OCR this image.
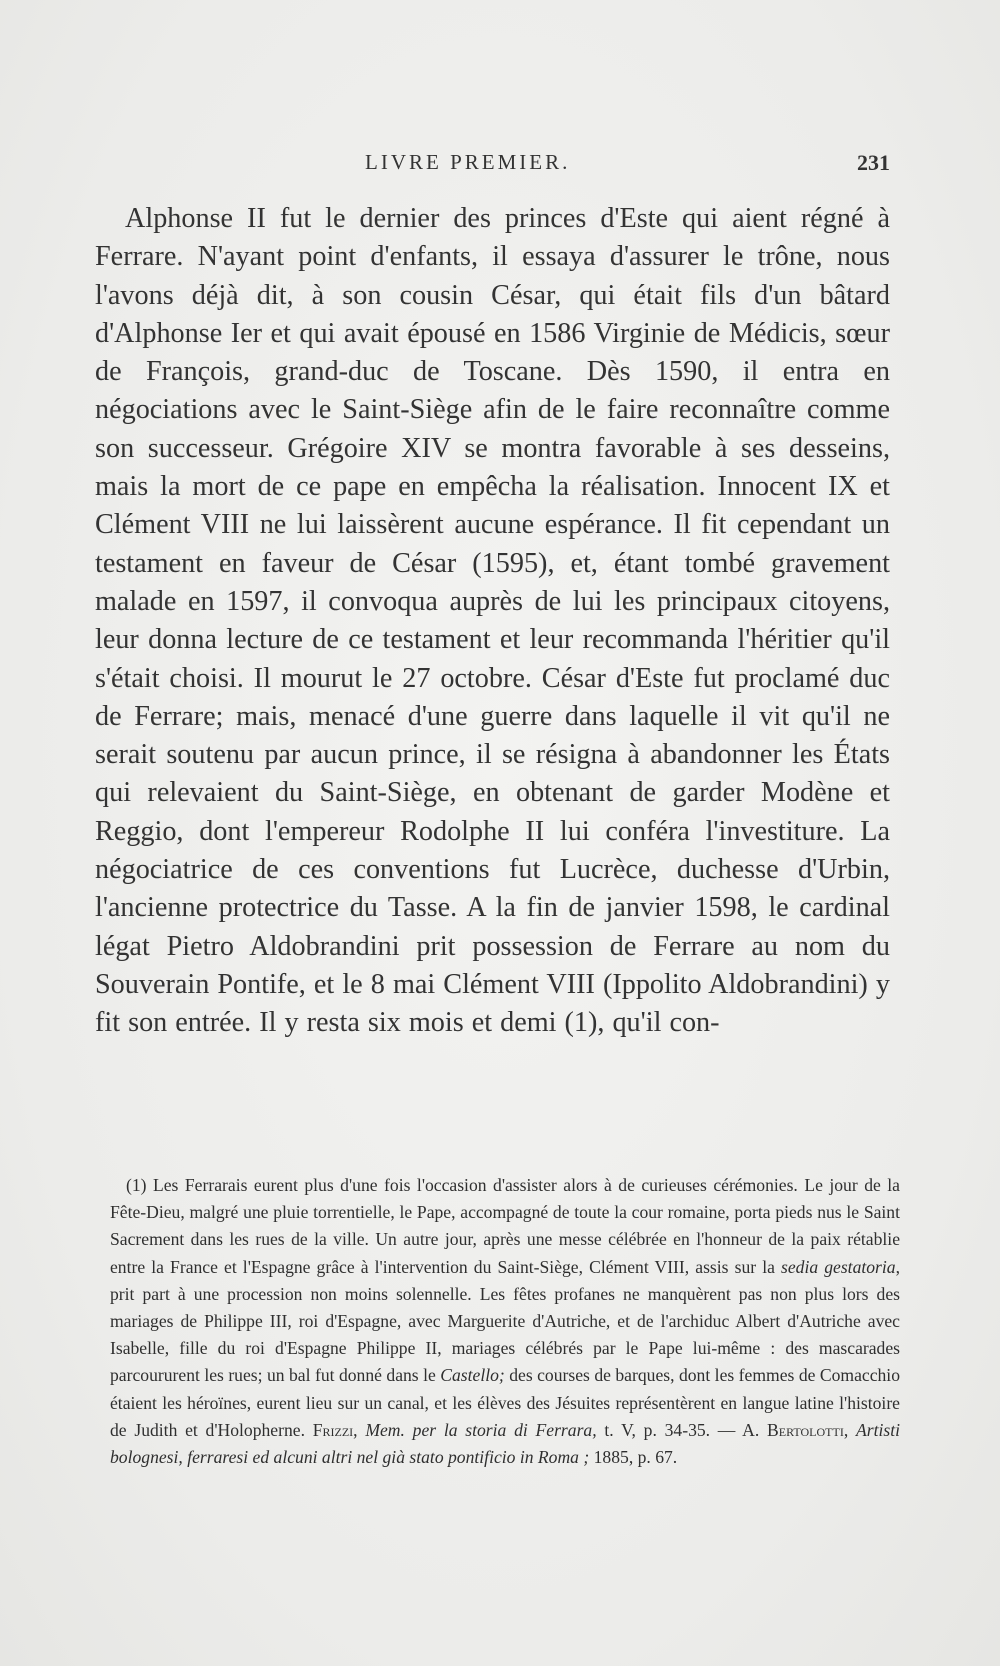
LIVRE PREMIER.	231

Alphonse II fut le dernier des princes d'Este qui aient régné à Ferrare. N'ayant point d'enfants, il essaya d'assurer le trône, nous l'avons déjà dit, à son cousin César, qui était fils d'un bâtard d'Alphonse Ier et qui avait épousé en 1586 Virginie de Médicis, sœur de François, grand-duc de Toscane. Dès 1590, il entra en négociations avec le Saint-Siège afin de le faire reconnaître comme son successeur. Grégoire XIV se montra favorable à ses desseins, mais la mort de ce pape en empêcha la réalisation. Innocent IX et Clément VIII ne lui laissèrent aucune espérance. Il fit cependant un testament en faveur de César (1595), et, étant tombé gravement malade en 1597, il convoqua auprès de lui les principaux citoyens, leur donna lecture de ce testament et leur recommanda l'héritier qu'il s'était choisi. Il mourut le 27 octobre. César d'Este fut proclamé duc de Ferrare; mais, menacé d'une guerre dans laquelle il vit qu'il ne serait soutenu par aucun prince, il se résigna à abandonner les États qui relevaient du Saint-Siège, en obtenant de garder Modène et Reggio, dont l'empereur Rodolphe II lui conféra l'investiture. La négociatrice de ces conventions fut Lucrèce, duchesse d'Urbin, l'ancienne protectrice du Tasse. A la fin de janvier 1598, le cardinal légat Pietro Aldobrandini prit possession de Ferrare au nom du Souverain Pontife, et le 8 mai Clément VIII (Ippolito Aldobrandini) y fit son entrée. Il y resta six mois et demi (1), qu'il con-

(1) Les Ferrarais eurent plus d'une fois l'occasion d'assister alors à de curieuses cérémonies. Le jour de la Fête-Dieu, malgré une pluie torrentielle, le Pape, accompagné de toute la cour romaine, porta pieds nus le Saint Sacrement dans les rues de la ville. Un autre jour, après une messe célébrée en l'honneur de la paix rétablie entre la France et l'Espagne grâce à l'intervention du Saint-Siège, Clément VIII, assis sur la sedia gestatoria, prit part à une procession non moins solennelle. Les fêtes profanes ne manquèrent pas non plus lors des mariages de Philippe III, roi d'Espagne, avec Marguerite d'Autriche, et de l'archiduc Albert d'Autriche avec Isabelle, fille du roi d'Espagne Philippe II, mariages célébrés par le Pape lui-même : des mascarades parcoururent les rues; un bal fut donné dans le Castello; des courses de barques, dont les femmes de Comacchio étaient les héroïnes, eurent lieu sur un canal, et les élèves des Jésuites représentèrent en langue latine l'histoire de Judith et d'Holopherne. Frizzi, Mem. per la storia di Ferrara, t. V, p. 34-35. — A. Bertolotti, Artisti bolognesi, ferraresi ed alcuni altri nel già stato pontificio in Roma ; 1885, p. 67.
